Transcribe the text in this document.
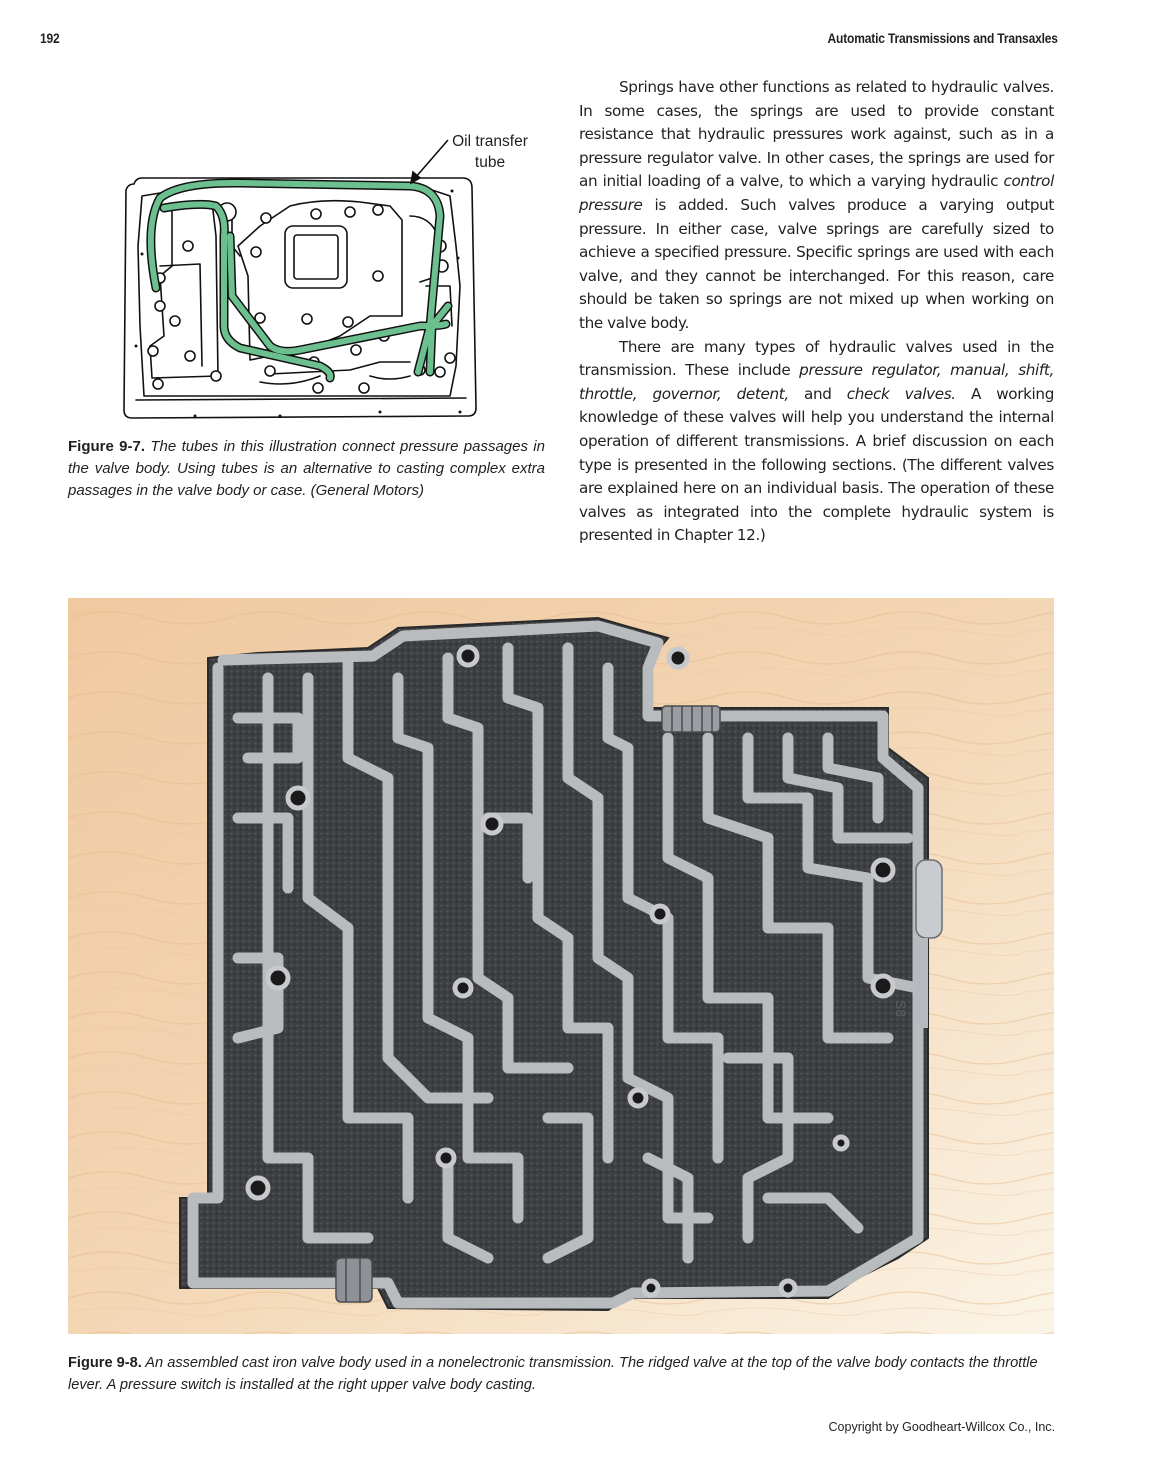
192	Automatic Transmissions and Transaxles
Oil transfer
tube
Figure 9-7. The tubes in this illustration connect pressure passages in the valve body. Using tubes is an alternative to casting complex extra passages in the valve body or case. (General Motors)

Springs have other functions as related to hydraulic valves. In some cases, the springs are used to provide constant resistance that hydraulic pressures work against, such as in a pressure regulator valve. In other cases, the springs are used for an initial loading of a valve, to which a varying hydraulic control pressure is added. Such valves produce a varying output pressure. In either case, valve springs are carefully sized to achieve a specified pressure. Specific springs are used with each valve, and they cannot be interchanged. For this reason, care should be taken so springs are not mixed up when working on the valve body.

There are many types of hydraulic valves used in the transmission. These include pressure regulator, manual, shift, throttle, governor, detent, and check valves. A working knowledge of these valves will help you understand the internal operation of different transmissions. A brief discussion on each type is presented in the following sections. (The different valves are explained here on an individual basis. The operation of these valves as integrated into the complete hydraulic system is presented in Chapter 12.)

S8
Figure 9-8. An assembled cast iron valve body used in a nonelectronic transmission. The ridged valve at the top of the valve body contacts the throttle lever. A pressure switch is installed at the right upper valve body casting.
Copyright by Goodheart-Willcox Co., Inc.
